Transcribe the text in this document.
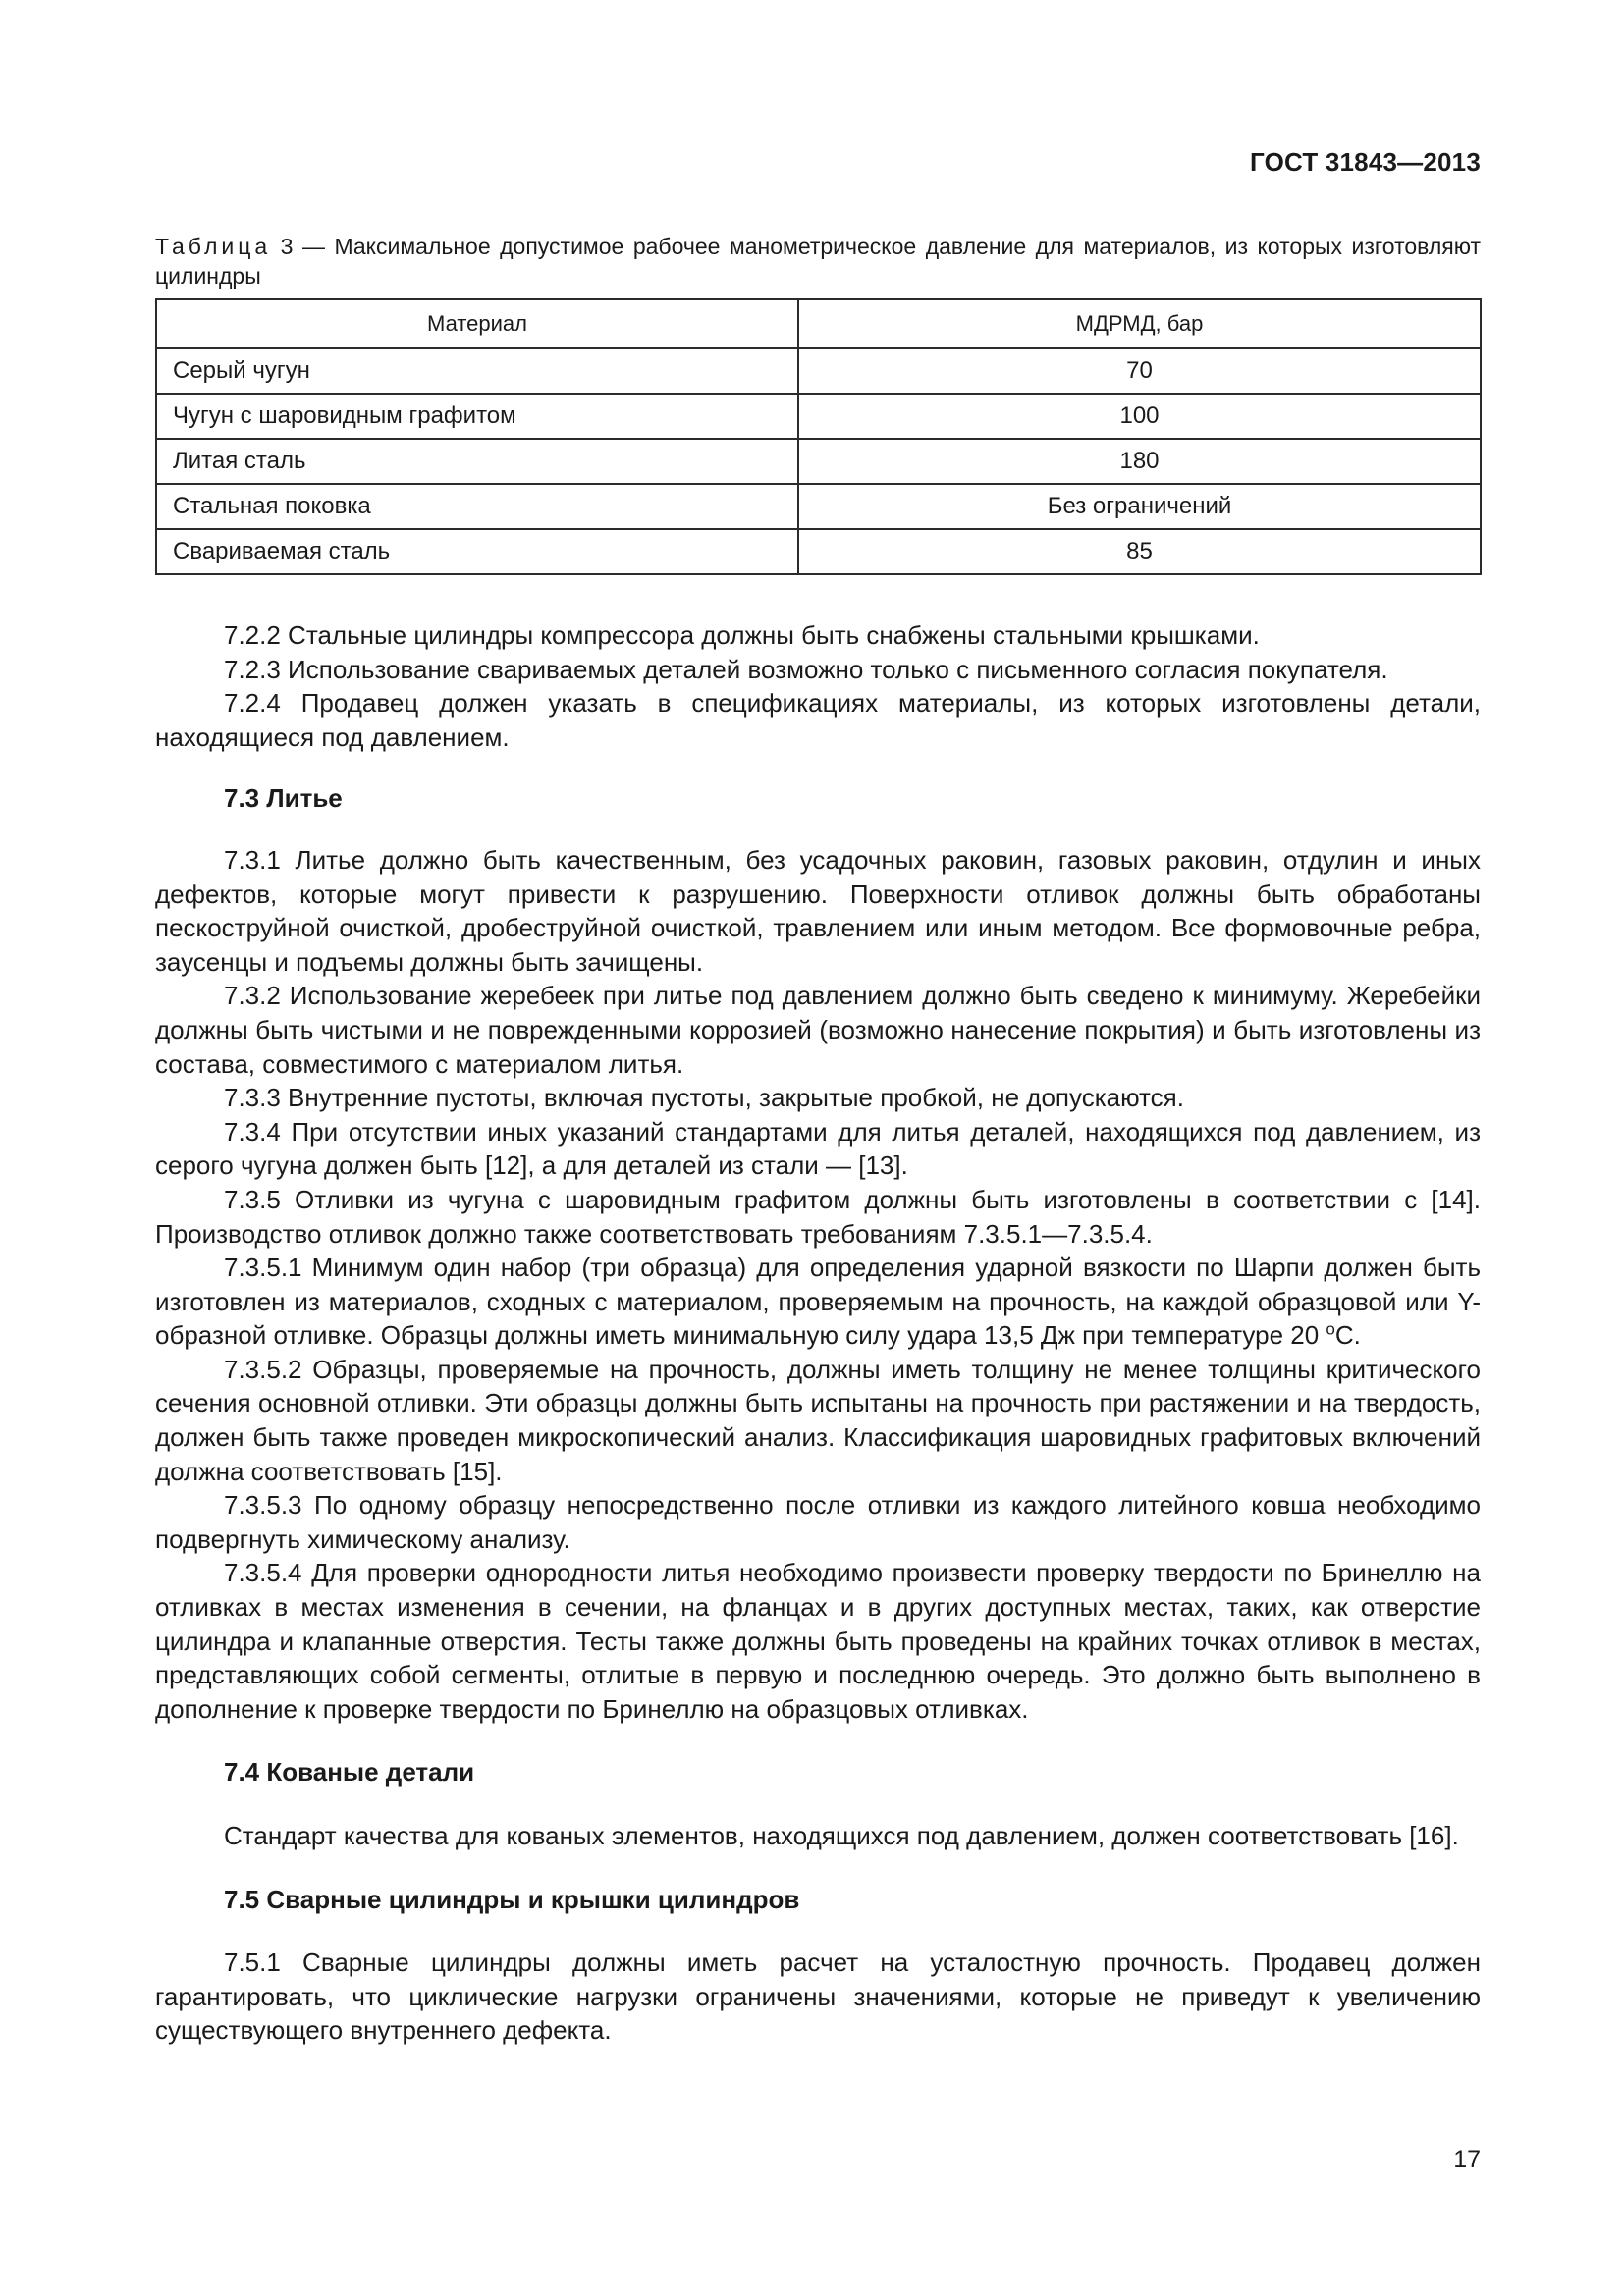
ГОСТ 31843—2013
Таблица 3 — Максимальное допустимое рабочее манометрическое давление для материалов, из которых изготовляют цилиндры
Материал	МДРМД, бар
Серый чугун	70
Чугун с шаровидным графитом	100
Литая сталь	180
Стальная поковка	Без ограничений
Свариваемая сталь	85

7.2.2 Стальные цилиндры компрессора должны быть снабжены стальными крышками.

7.2.3 Использование свариваемых деталей возможно только с письменного согласия покупателя.

7.2.4 Продавец должен указать в спецификациях материалы, из которых изготовлены детали, находящиеся под давлением.

7.3 Литье

7.3.1 Литье должно быть качественным, без усадочных раковин, газовых раковин, отдулин и иных дефектов, которые могут привести к разрушению. Поверхности отливок должны быть обработаны пескоструйной очисткой, дробеструйной очисткой, травлением или иным методом. Все формовочные ребра, заусенцы и подъемы должны быть зачищены.

7.3.2 Использование жеребеек при литье под давлением должно быть сведено к минимуму. Жеребейки должны быть чистыми и не поврежденными коррозией (возможно нанесение покрытия) и быть изготовлены из состава, совместимого с материалом литья.

7.3.3 Внутренние пустоты, включая пустоты, закрытые пробкой, не допускаются.

7.3.4 При отсутствии иных указаний стандартами для литья деталей, находящихся под давлением, из серого чугуна должен быть [12], а для деталей из стали — [13].

7.3.5 Отливки из чугуна с шаровидным графитом должны быть изготовлены в соответствии с [14]. Производство отливок должно также соответствовать требованиям 7.3.5.1—7.3.5.4.

7.3.5.1 Минимум один набор (три образца) для определения ударной вязкости по Шарпи должен быть изготовлен из материалов, сходных с материалом, проверяемым на прочность, на каждой образцовой или Y-образной отливке. Образцы должны иметь минимальную силу удара 13,5 Дж при температуре 20 $^о$С.

7.3.5.2 Образцы, проверяемые на прочность, должны иметь толщину не менее толщины критического сечения основной отливки. Эти образцы должны быть испытаны на прочность при растяжении и на твердость, должен быть также проведен микроскопический анализ. Классификация шаровидных графитовых включений должна соответствовать [15].

7.3.5.3 По одному образцу непосредственно после отливки из каждого литейного ковша необходимо подвергнуть химическому анализу.

7.3.5.4 Для проверки однородности литья необходимо произвести проверку твердости по Бринеллю на отливках в местах изменения в сечении, на фланцах и в других доступных местах, таких, как отверстие цилиндра и клапанные отверстия. Тесты также должны быть проведены на крайних точках отливок в местах, представляющих собой сегменты, отлитые в первую и последнюю очередь. Это должно быть выполнено в дополнение к проверке твердости по Бринеллю на образцовых отливках.

7.4 Кованые детали

Стандарт качества для кованых элементов, находящихся под давлением, должен соответствовать [16].

7.5 Сварные цилиндры и крышки цилиндров

7.5.1 Сварные цилиндры должны иметь расчет на усталостную прочность. Продавец должен гарантировать, что циклические нагрузки ограничены значениями, которые не приведут к увеличению существующего внутреннего дефекта.

17
